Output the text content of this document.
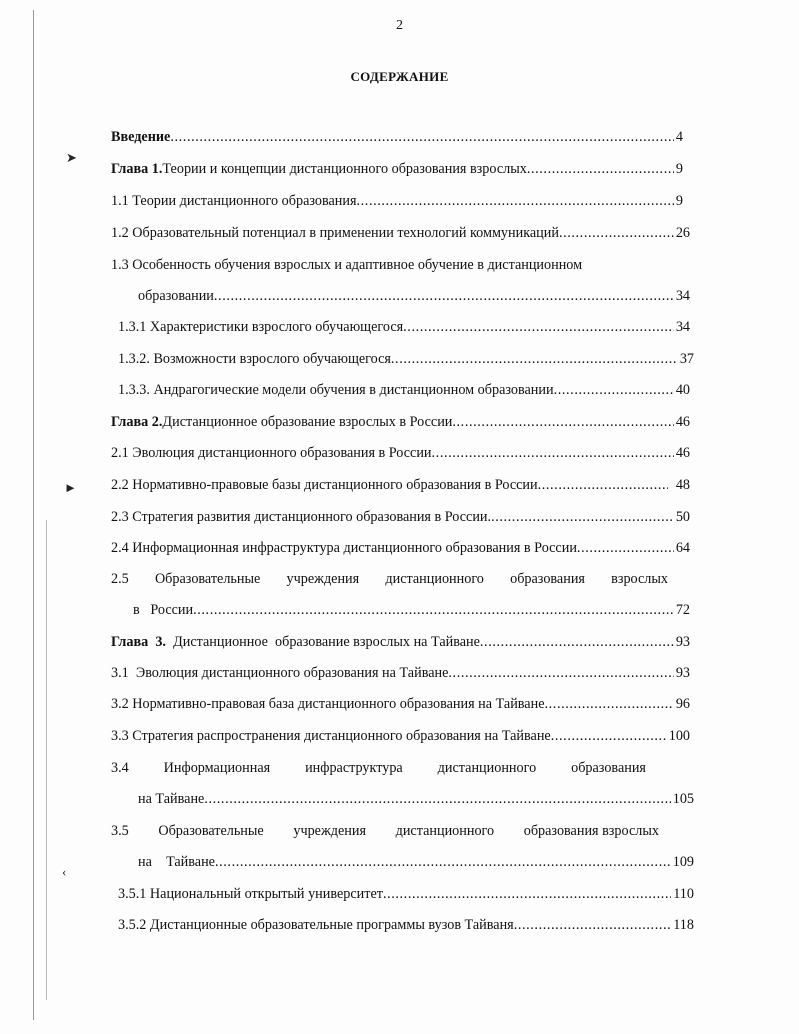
➤
►
‹
2
СОДЕРЖАНИЕ
Введение .....	4
Глава 1. Теории и концепции дистанционного образования взрослых .....	9
1.1 Теории дистанционного образования .....	9
1.2 Образовательный потенциал в применении технологий коммуникаций .....	26
1.3 Особенность обучения взрослых и адаптивное обучение в дистанционном
образовании .....	34
1.3.1 Характеристики взрослого обучающегося .....	34
1.3.2. Возможности взрослого обучающегося .....	37
1.3.3. Андрагогические модели обучения в дистанционном образовании .....	40
Глава 2. Дистанционное образование взрослых в России .....	46
2.1 Эволюция дистанционного образования в России .....	46
2.2 Нормативно-правовые базы дистанционного образования в России .....	48
2.3 Стратегия развития дистанционного образования в России. .....	50
2.4 Информационная инфраструктура дистанционного образования в России .....	64
2.5 Образовательные учреждения дистанционного образования взрослых
в   России .....	72
Глава  3. Дистанционное  образование взрослых на Тайване .....	93
3.1  Эволюция дистанционного образования на Тайване .....	93
3.2 Нормативно-правовая база дистанционного образования на Тайване .....	96
3.3 Стратегия распространения дистанционного образования на Тайване .....	100
3.4 Информационная инфраструктура дистанционного образования
на Тайване .....	105
3.5 Образовательные учреждения дистанционного образования взрослых
на    Тайване .....	109
3.5.1 Национальный открытый университет .....	110
3.5.2 Дистанционные образовательные программы вузов Тайваня .....	118
